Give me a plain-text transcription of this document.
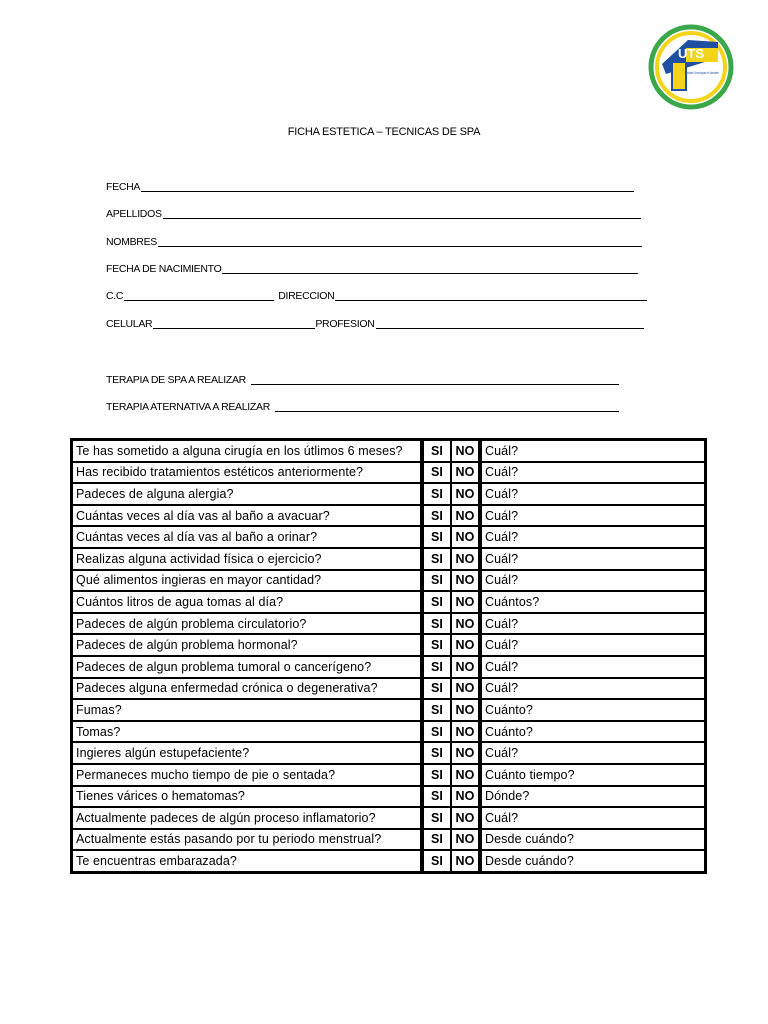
UTS
Unidades Tecnológicas de Santander
FICHA ESTETICA – TECNICAS DE SPA
FECHA
APELLIDOS
NOMBRES
FECHA DE NACIMIENTO
C.C	DIRECCION
CELULAR	PROFESION
TERAPIA DE SPA A REALIZAR
TERAPIA ATERNATIVA A REALIZAR
Te has sometido a alguna cirugía en los útlimos 6 meses?	SI	NO	Cuál?
Has recibido tratamientos estéticos anteriormente?	SI	NO	Cuál?
Padeces de alguna alergia?	SI	NO	Cuál?
Cuántas veces al día vas al baño a avacuar?	SI	NO	Cuál?
Cuántas veces al día vas al baño a orinar?	SI	NO	Cuál?
Realizas alguna actividad física o ejercicio?	SI	NO	Cuál?
Qué alimentos ingieras en mayor cantidad?	SI	NO	Cuál?
Cuántos litros de agua tomas al día?	SI	NO	Cuántos?
Padeces de algún problema circulatorio?	SI	NO	Cuál?
Padeces de algún problema hormonal?	SI	NO	Cuál?
Padeces de algun problema tumoral o cancerígeno?	SI	NO	Cuál?
Padeces alguna enfermedad crónica o degenerativa?	SI	NO	Cuál?
Fumas?	SI	NO	Cuánto?
Tomas?	SI	NO	Cuánto?
Ingieres algún estupefaciente?	SI	NO	Cuál?
Permaneces mucho tiempo de pie o sentada?	SI	NO	Cuánto tiempo?
Tienes várices o hematomas?	SI	NO	Dónde?
Actualmente padeces de algún proceso inflamatorio?	SI	NO	Cuál?
Actualmente estás pasando por tu periodo menstrual?	SI	NO	Desde cuándo?
Te encuentras embarazada?	SI	NO	Desde cuándo?
